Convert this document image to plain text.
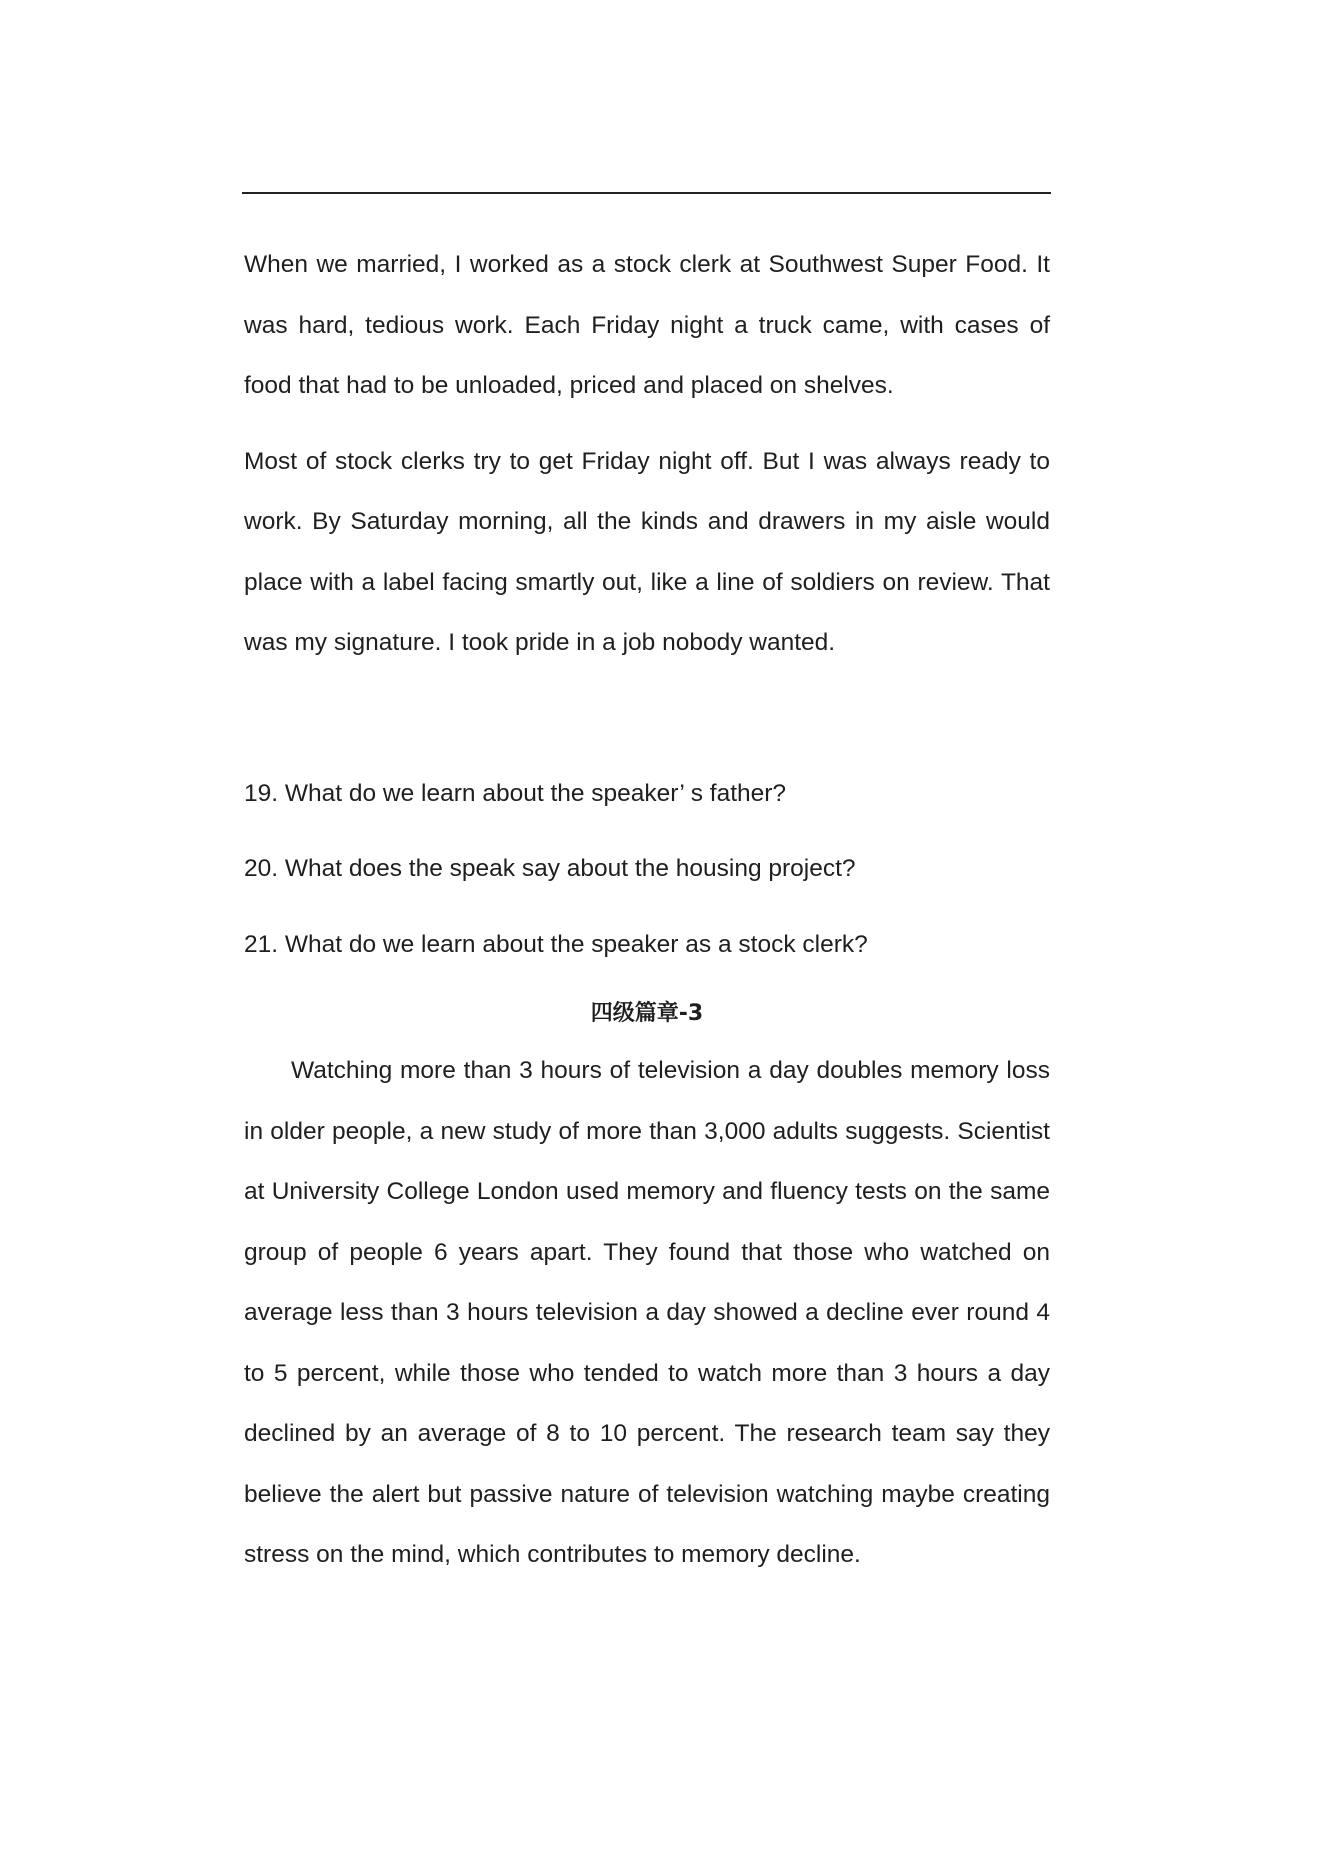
When we married, I worked as a stock clerk at Southwest Super Food. It was hard, tedious work. Each Friday night a truck came, with cases of food that had to be unloaded, priced and placed on shelves.

Most of stock clerks try to get Friday night off. But I was always ready to work. By Saturday morning, all the kinds and drawers in my aisle would place with a label facing smartly out, like a line of soldiers on review. That was my signature. I took pride in a job nobody wanted.

19. What do we learn about the speaker’ s father?

20. What does the speak say about the housing project?

21. What do we learn about the speaker as a stock clerk?

四级篇章-3

Watching more than 3 hours of television a day doubles memory loss in older people, a new study of more than 3,000 adults suggests. Scientist at University College London used memory and fluency tests on the same group of people 6 years apart. They found that those who watched on average less than 3 hours television a day showed a decline ever round 4 to 5 percent, while those who tended to watch more than 3 hours a day declined by an average of 8 to 10 percent. The research team say they believe the alert but passive nature of television watching maybe creating stress on the mind, which contributes to memory decline.
